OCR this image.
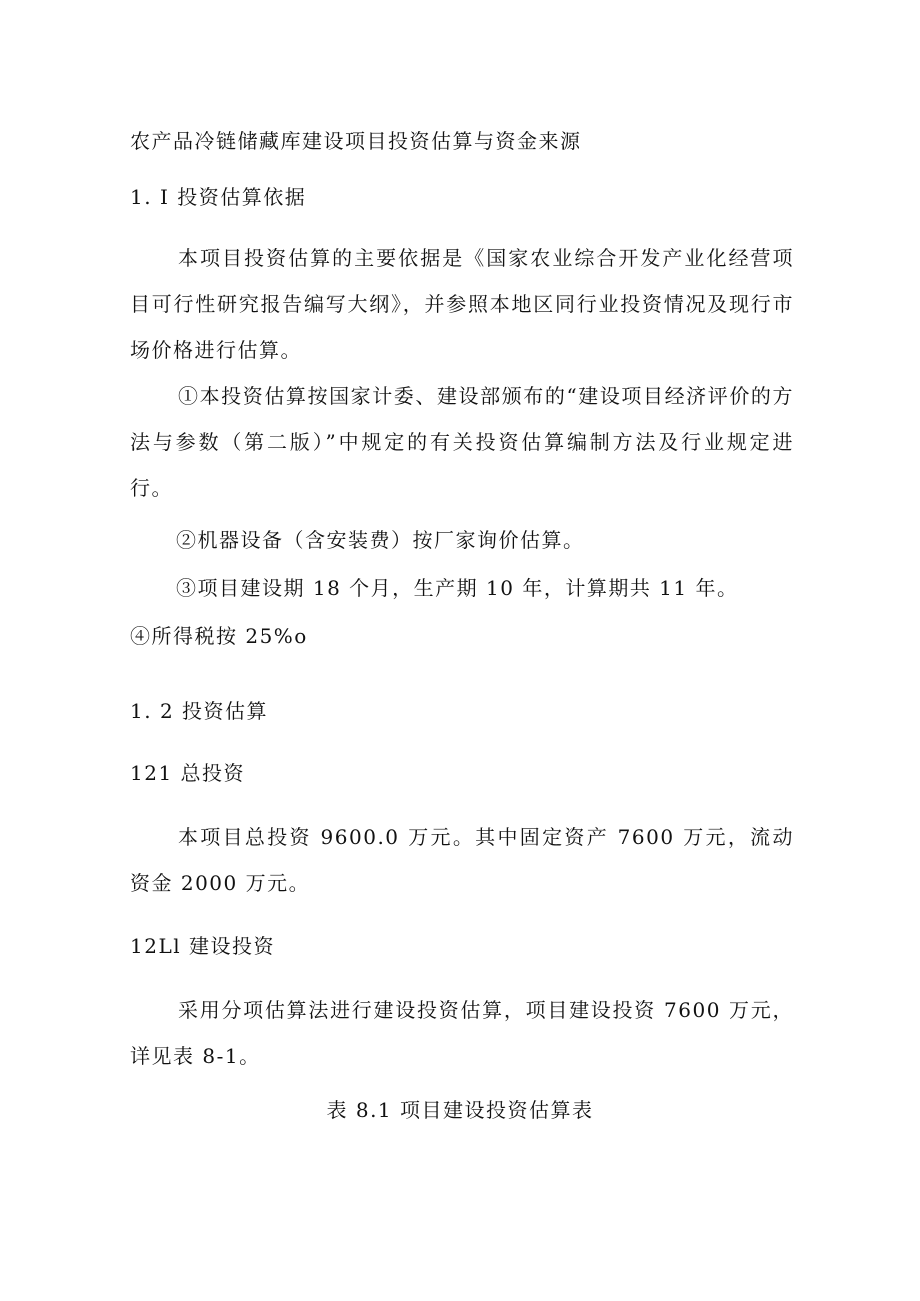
农产品冷链储藏库建设项目投资估算与资金来源
1. I 投资估算依据

本项目投资估算的主要依据是《国家农业综合开发产业化经营项目可行性研究报告编写大纲》，并参照本地区同行业投资情况及现行市场价格进行估算。

①本投资估算按国家计委、建设部颁布的“建设项目经济评价的方法与参数（第二版）”中规定的有关投资估算编制方法及行业规定进行。

②机器设备（含安装费）按厂家询价估算。
③项目建设期 18 个月，生产期 10 年，计算期共 11 年。
④所得税按 25%o
1. 2 投资估算
121 总投资

本项目总投资 9600.0 万元。其中固定资产 7600 万元，流动资金 2000 万元。

12Ll 建设投资

采用分项估算法进行建设投资估算，项目建设投资 7600 万元，详见表 8-1。

表 8.1 项目建设投资估算表
